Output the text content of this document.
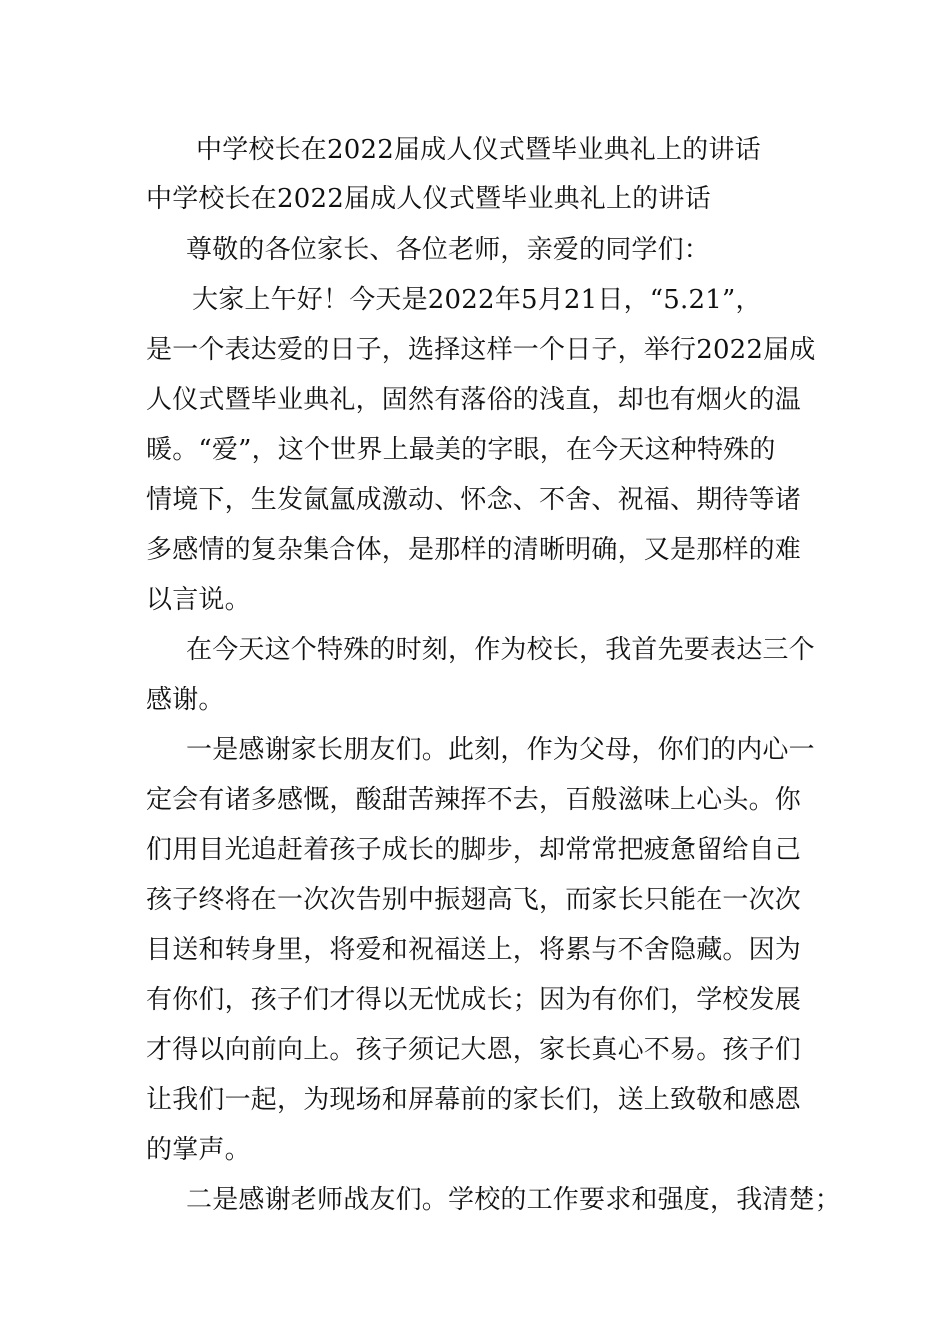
中学校长在2022届成人仪式暨毕业典礼上的讲话
中学校长在2022届成人仪式暨毕业典礼上的讲话
尊敬的各位家长、各位老师，亲爱的同学们：
大家上午好！今天是2022年5月21日，“5.21”，
是一个表达爱的日子，选择这样一个日子，举行2022届成
人仪式暨毕业典礼，固然有落俗的浅直，却也有烟火的温
暖。“爱”，这个世界上最美的字眼，在今天这种特殊的
情境下，生发氤氲成激动、怀念、不舍、祝福、期待等诸
多感情的复杂集合体，是那样的清晰明确，又是那样的难
以言说。
在今天这个特殊的时刻，作为校长，我首先要表达三个
感谢。
一是感谢家长朋友们。此刻，作为父母，你们的内心一
定会有诸多感慨，酸甜苦辣挥不去，百般滋味上心头。你
们用目光追赶着孩子成长的脚步，却常常把疲惫留给自己
孩子终将在一次次告别中振翅高飞，而家长只能在一次次
目送和转身里，将爱和祝福送上，将累与不舍隐藏。因为
有你们，孩子们才得以无忧成长；因为有你们，学校发展
才得以向前向上。孩子须记大恩，家长真心不易。孩子们
让我们一起，为现场和屏幕前的家长们，送上致敬和感恩
的掌声。
二是感谢老师战友们。学校的工作要求和强度，我清楚；
